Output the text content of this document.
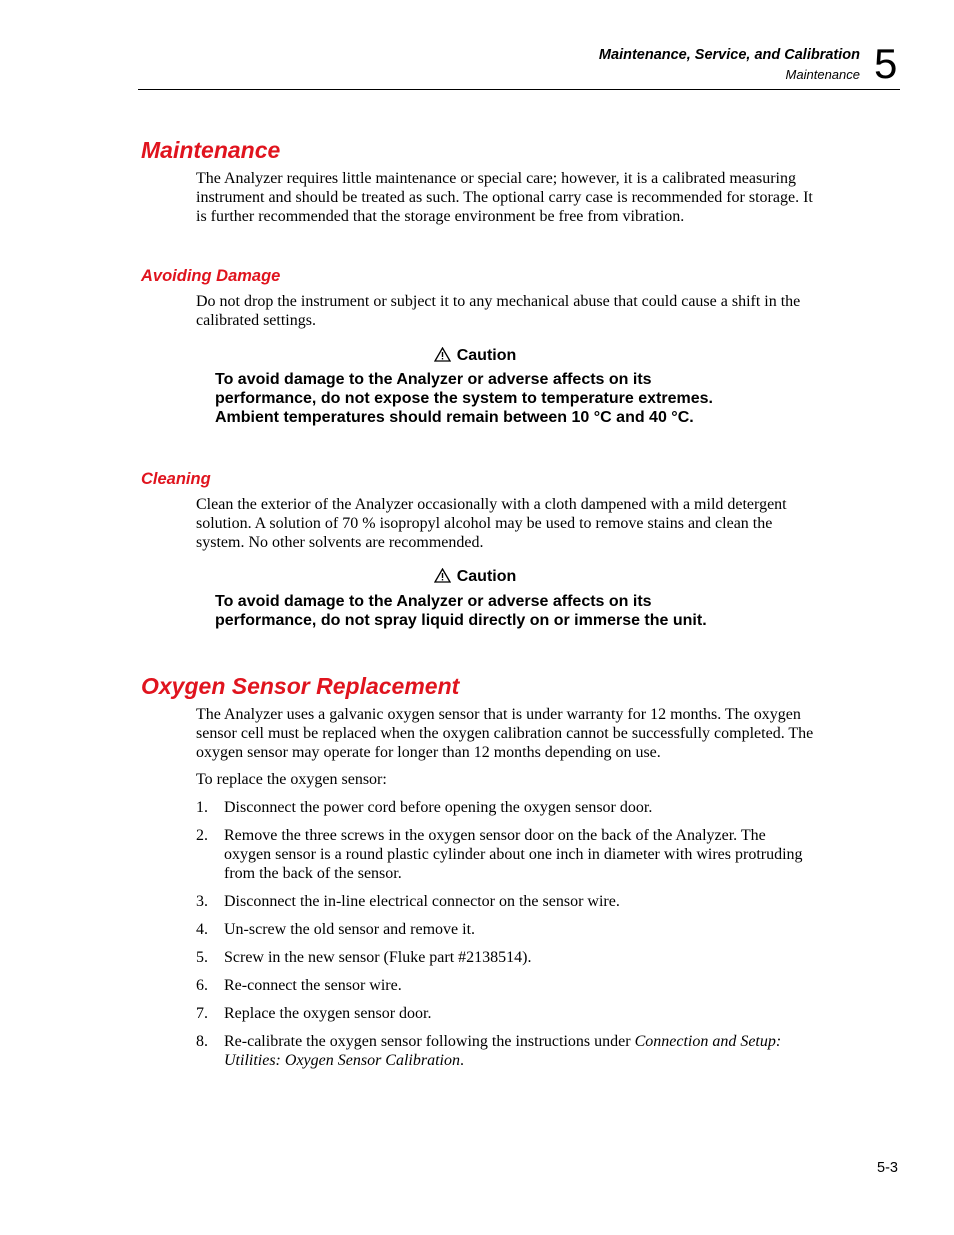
Maintenance, Service, and Calibration
Maintenance 5
Maintenance

The Analyzer requires little maintenance or special care; however, it is a calibrated measuring instrument and should be treated as such. The optional carry case is recommended for storage. It is further recommended that the storage environment be free from vibration.

Avoiding Damage

Do not drop the instrument or subject it to any mechanical abuse that could cause a shift in the calibrated settings.

Caution

To avoid damage to the Analyzer or adverse affects on its performance, do not expose the system to temperature extremes. Ambient temperatures should remain between 10 °C and 40 °C.

Cleaning

Clean the exterior of the Analyzer occasionally with a cloth dampened with a mild detergent solution. A solution of 70 % isopropyl alcohol may be used to remove stains and clean the system. No other solvents are recommended.

Caution

To avoid damage to the Analyzer or adverse affects on its performance, do not spray liquid directly on or immerse the unit.

Oxygen Sensor Replacement

The Analyzer uses a galvanic oxygen sensor that is under warranty for 12 months. The oxygen sensor cell must be replaced when the oxygen calibration cannot be successfully completed. The oxygen sensor may operate for longer than 12 months depending on use.

To replace the oxygen sensor:

1.	Disconnect the power cord before opening the oxygen sensor door.
2.	Remove the three screws in the oxygen sensor door on the back of the Analyzer. The oxygen sensor is a round plastic cylinder about one inch in diameter with wires protruding from the back of the sensor.
3.	Disconnect the in-line electrical connector on the sensor wire.
4.	Un-screw the old sensor and remove it.
5.	Screw in the new sensor (Fluke part #2138514).
6.	Re-connect the sensor wire.
7.	Replace the oxygen sensor door.
8.	Re-calibrate the oxygen sensor following the instructions under Connection and Setup: Utilities: Oxygen Sensor Calibration.
5-3
